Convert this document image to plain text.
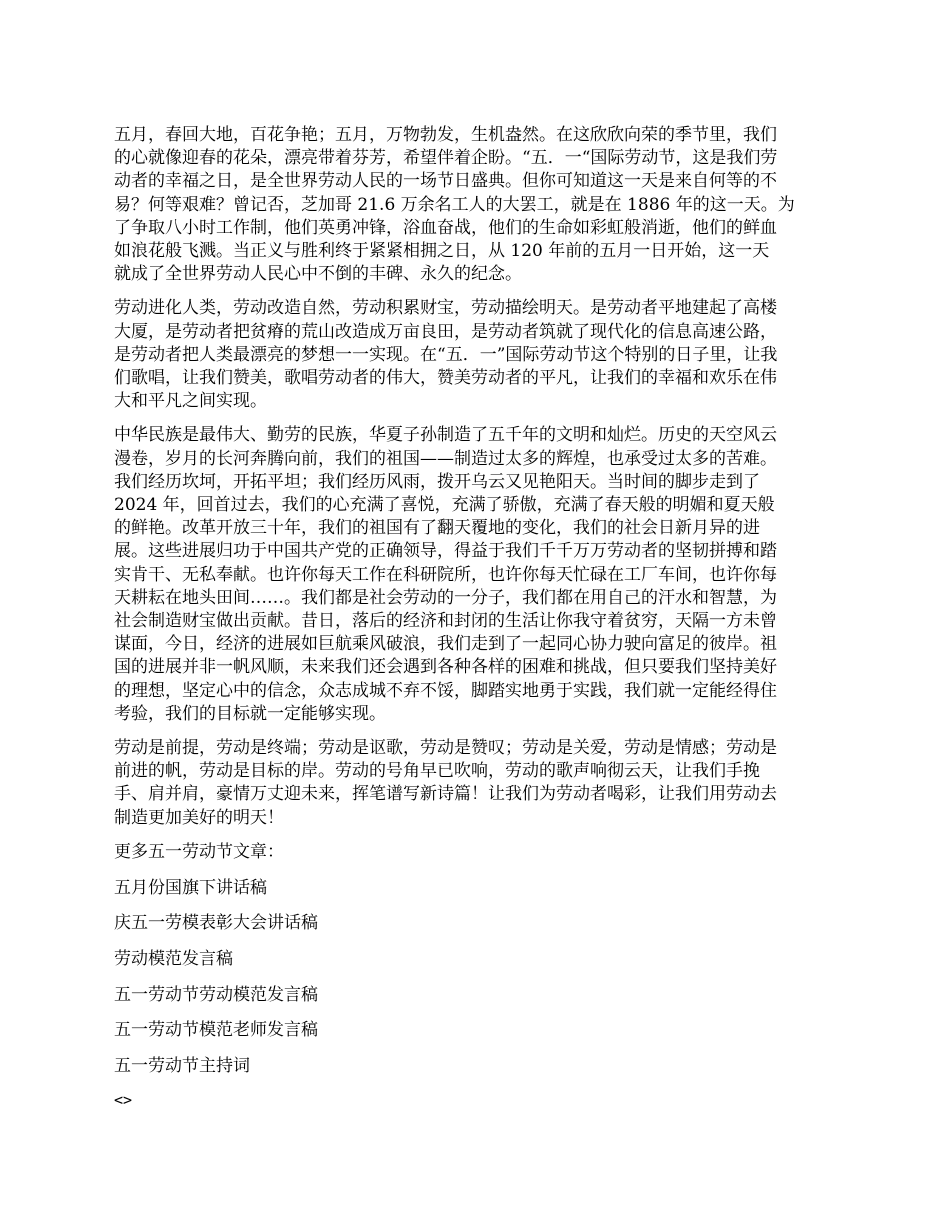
五月，春回大地，百花争艳；五月，万物勃发，生机盎然。在这欣欣向荣的季节里，我们
的心就像迎春的花朵，漂亮带着芬芳，希望伴着企盼。“五．一“国际劳动节，这是我们劳
动者的幸福之日，是全世界劳动人民的一场节日盛典。但你可知道这一天是来自何等的不
易？何等艰难？曾记否，芝加哥 21.6 万余名工人的大罢工，就是在 1886 年的这一天。为
了争取八小时工作制，他们英勇冲锋，浴血奋战，他们的生命如彩虹般消逝，他们的鲜血
如浪花般飞溅。当正义与胜利终于紧紧相拥之日，从 120 年前的五月一日开始，这一天
就成了全世界劳动人民心中不倒的丰碑、永久的纪念。

劳动进化人类，劳动改造自然，劳动积累财宝，劳动描绘明天。是劳动者平地建起了高楼
大厦，是劳动者把贫瘠的荒山改造成万亩良田，是劳动者筑就了现代化的信息高速公路，
是劳动者把人类最漂亮的梦想一一实现。在“五．一”国际劳动节这个特别的日子里，让我
们歌唱，让我们赞美，歌唱劳动者的伟大，赞美劳动者的平凡，让我们的幸福和欢乐在伟
大和平凡之间实现。

中华民族是最伟大、勤劳的民族，华夏子孙制造了五千年的文明和灿烂。历史的天空风云
漫卷，岁月的长河奔腾向前，我们的祖国——制造过太多的辉煌，也承受过太多的苦难。
我们经历坎坷，开拓平坦；我们经历风雨，拨开乌云又见艳阳天。当时间的脚步走到了
2024 年，回首过去，我们的心充满了喜悦，充满了骄傲，充满了春天般的明媚和夏天般
的鲜艳。改革开放三十年，我们的祖国有了翻天覆地的变化，我们的社会日新月异的进
展。这些进展归功于中国共产党的正确领导，得益于我们千千万万劳动者的坚韧拼搏和踏
实肯干、无私奉献。也许你每天工作在科研院所，也许你每天忙碌在工厂车间，也许你每
天耕耘在地头田间……。我们都是社会劳动的一分子，我们都在用自己的汗水和智慧，为
社会制造财宝做出贡献。昔日，落后的经济和封闭的生活让你我守着贫穷，天隔一方未曾
谋面，今日，经济的进展如巨航乘风破浪，我们走到了一起同心协力驶向富足的彼岸。祖
国的进展并非一帆风顺，未来我们还会遇到各种各样的困难和挑战，但只要我们坚持美好
的理想，坚定心中的信念，众志成城不弃不馁，脚踏实地勇于实践，我们就一定能经得住
考验，我们的目标就一定能够实现。

劳动是前提，劳动是终端；劳动是讴歌，劳动是赞叹；劳动是关爱，劳动是情感；劳动是
前进的帆，劳动是目标的岸。劳动的号角早已吹响，劳动的歌声响彻云天，让我们手挽
手、肩并肩，豪情万丈迎未来，挥笔谱写新诗篇！让我们为劳动者喝彩，让我们用劳动去
制造更加美好的明天！

更多五一劳动节文章：

五月份国旗下讲话稿
庆五一劳模表彰大会讲话稿
劳动模范发言稿
五一劳动节劳动模范发言稿
五一劳动节模范老师发言稿
五一劳动节主持词
<>
